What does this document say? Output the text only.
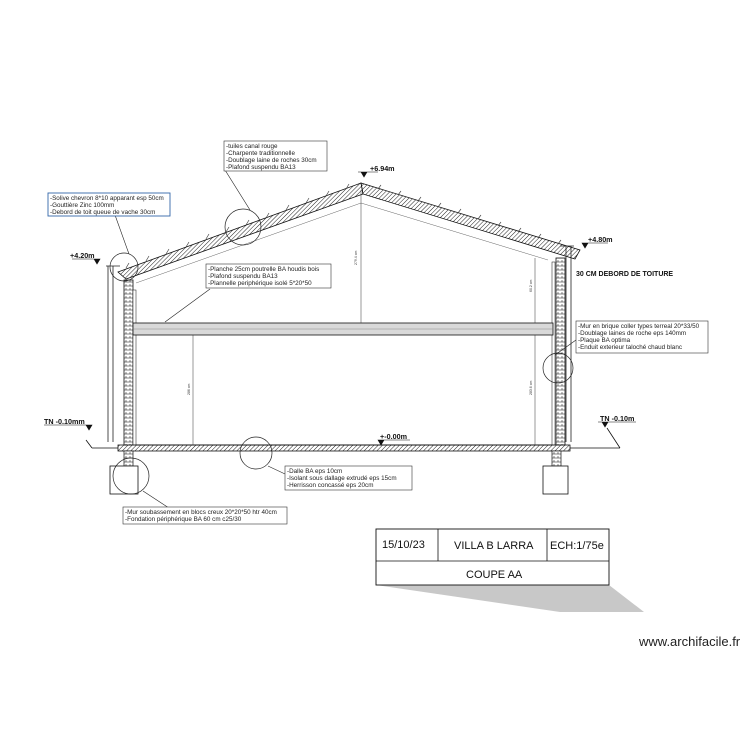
279.4 cm
286 cm
60.2 cm
283.6 cm
-tuiles canal rouge -Charpente traditionnelle -Doublage laine de roches 30cm -Plafond suspendu BA13
-Solive chevron 8*10 apparant esp 50cm -Gouttière Zinc 100mm -Debord de toit queue de vache 30cm
-Planche 25cm poutrelle BA houdis bois -Plafond suspendu BA13 -Plannelle periphérique isolé 5*20*50
-Mur en brique coller types terreal 20*33/50 -Doublage laines de roche eps 140mm -Plaque BA optima -Enduit exterieur taloché chaud blanc
-Dalle BA eps 10cm -Isolant sous dallage extrudé eps 15cm -Herrisson concassé eps 20cm
-Mur soubassement en blocs creux 20*20*50 htr 40cm -Fondation périphérique BA 60 cm c25/30
+6.94m
+4.20m
+4.80m
TN -0.10mm	TN -0.10m
+-0.00m
30 CM DEBORD DE TOITURE
15/10/23	VILLA B LARRA ECH:1/75e
COUPE AA
www.archifacile.fr
